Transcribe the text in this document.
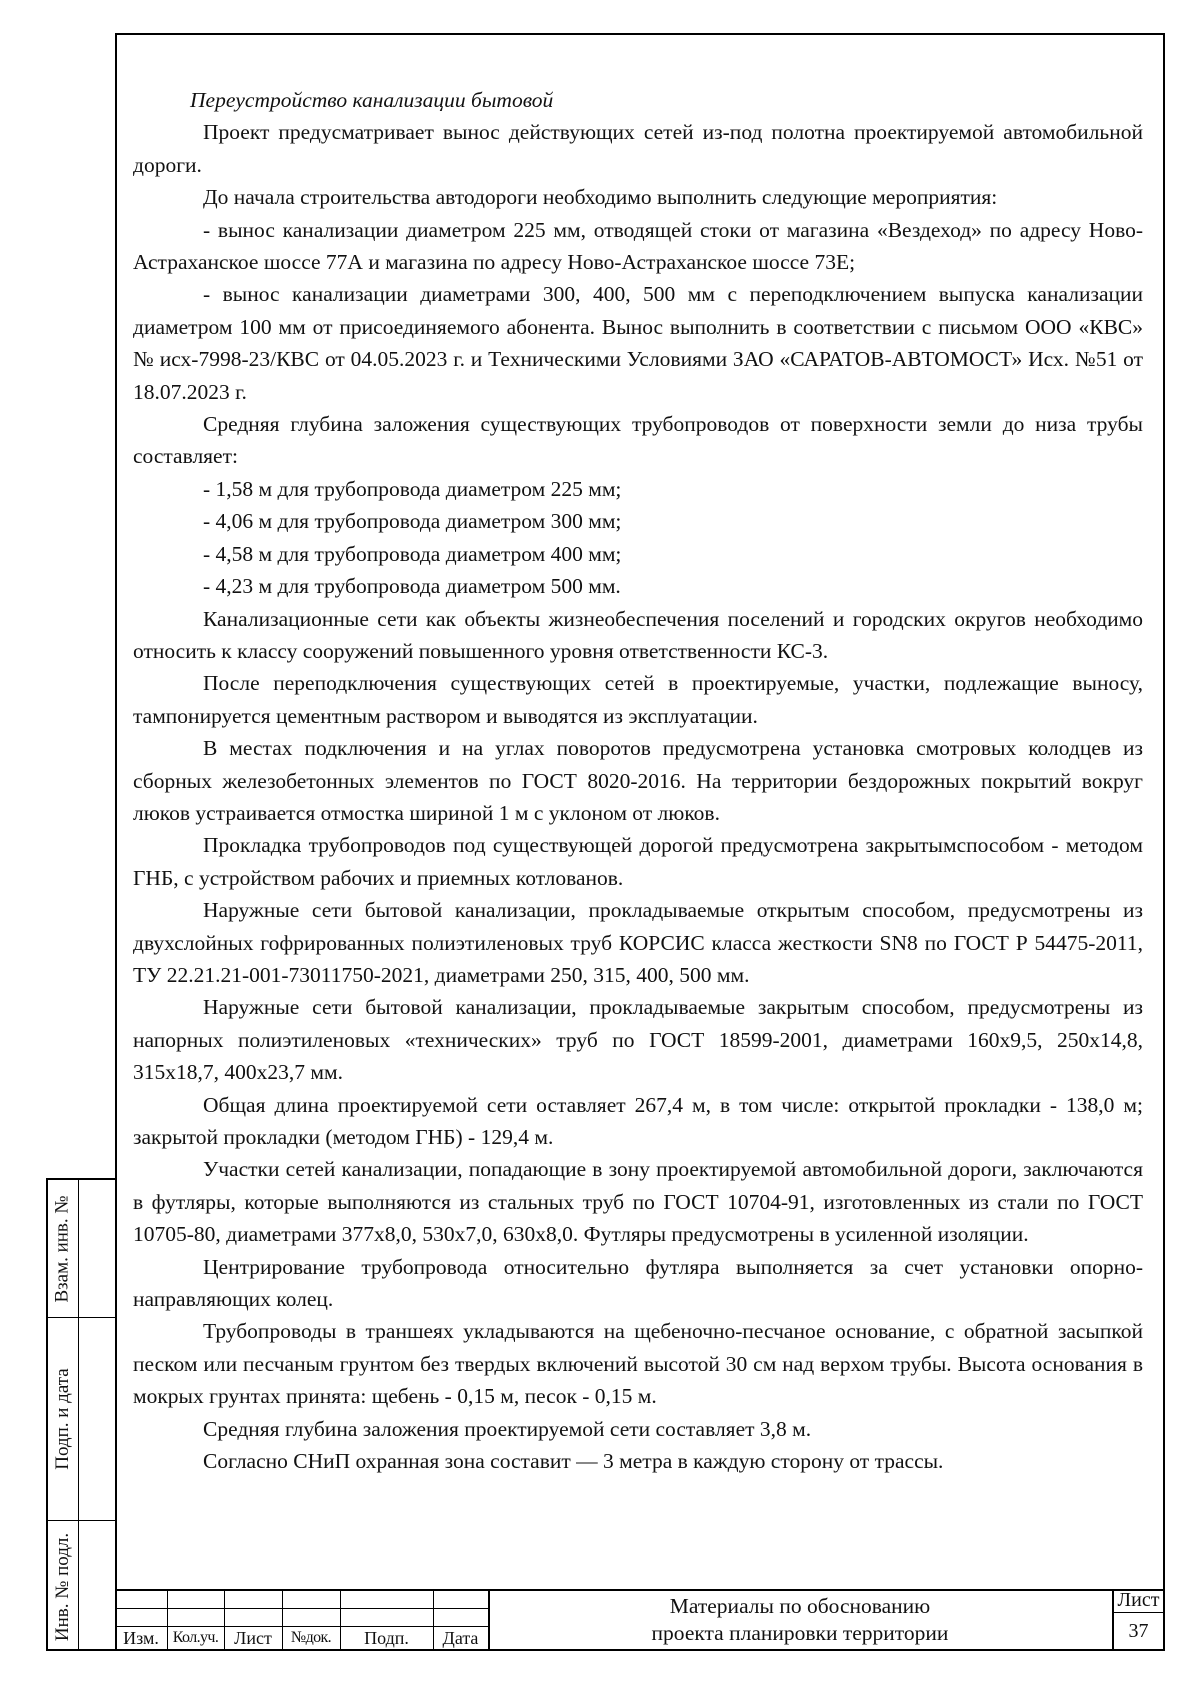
Переустройство канализации бытовой

Проект предусматривает вынос действующих сетей из-под полотна проектируемой автомобильной дороги.

До начала строительства автодороги необходимо выполнить следующие мероприятия:

- вынос канализации диаметром 225 мм, отводящей стоки от магазина «Вездеход» по адресу Ново-Астраханское шоссе 77А и магазина по адресу Ново-Астраханское шоссе 73Е;

- вынос канализации диаметрами 300, 400, 500 мм с переподключением выпуска канализации диаметром 100 мм от присоединяемого абонента. Вынос выполнить в соответствии с письмом ООО «КВС» № исх-7998-23/КВС от 04.05.2023 г. и Техническими Условиями ЗАО «САРАТОВ-АВТОМОСТ» Исх. №51 от 18.07.2023 г.

Средняя глубина заложения существующих трубопроводов от поверхности земли до низа трубы составляет:

- 1,58 м для трубопровода диаметром 225 мм;

- 4,06 м для трубопровода диаметром 300 мм;

- 4,58 м для трубопровода диаметром 400 мм;

- 4,23 м для трубопровода диаметром 500 мм.

Канализационные сети как объекты жизнеобеспечения поселений и городских округов необходимо относить к классу сооружений повышенного уровня ответственности КС-3.

После переподключения существующих сетей в проектируемые, участки, подлежащие выносу, тампонируется цементным раствором и выводятся из эксплуатации.

В местах подключения и на углах поворотов предусмотрена установка смотровых колодцев из сборных железобетонных элементов по ГОСТ 8020-2016. На территории бездорожных покрытий вокруг люков устраивается отмостка шириной 1 м с уклоном от люков.

Прокладка трубопроводов под существующей дорогой предусмотрена закрытымспособом - методом ГНБ, с устройством рабочих и приемных котлованов.

Наружные сети бытовой канализации, прокладываемые открытым способом, предусмотрены из двухслойных гофрированных полиэтиленовых труб КОРСИС класса жесткости SN8 по ГОСТ Р 54475-2011, ТУ 22.21.21-001-73011750-2021, диаметрами 250, 315, 400, 500 мм.

Наружные сети бытовой канализации, прокладываемые закрытым способом, предусмотрены из напорных полиэтиленовых «технических» труб по ГОСТ 18599-2001, диаметрами 160х9,5, 250х14,8, 315х18,7, 400х23,7 мм.

Общая длина проектируемой сети оставляет 267,4 м, в том числе: открытой прокладки - 138,0 м; закрытой прокладки (методом ГНБ) - 129,4 м.

Участки сетей канализации, попадающие в зону проектируемой автомобильной дороги, заключаются в футляры, которые выполняются из стальных труб по ГОСТ 10704-91, изготовленных из стали по ГОСТ 10705-80, диаметрами 377х8,0, 530х7,0, 630х8,0. Футляры предусмотрены в усиленной изоляции.

Центрирование трубопровода относительно футляра выполняется за счет установки опорно-направляющих колец.

Трубопроводы в траншеях укладываются на щебеночно-песчаное основание, с обратной засыпкой песком или песчаным грунтом без твердых включений высотой 30 см над верхом трубы. Высота основания в мокрых грунтах принята: щебень - 0,15 м, песок - 0,15 м.

Средняя глубина заложения проектируемой сети составляет 3,8 м.

Согласно СНиП охранная зона составит — 3 метра в каждую сторону от трассы.

Взам. инв. №
Подп. и дата
Инв. № подл.	Изм. Кол.уч. Лист	№док.	Подп.	Дата
Материалы по обоснованию
проекта планировки территории
Лист
37
